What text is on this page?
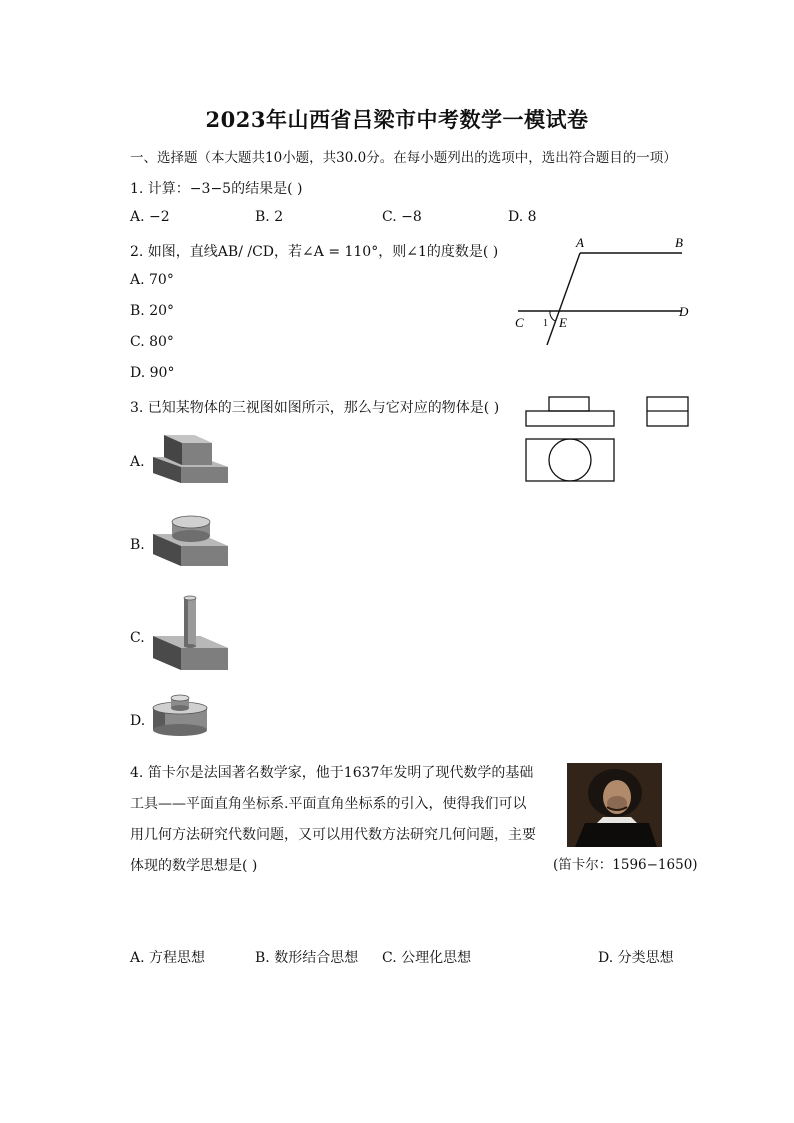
2023年山西省吕梁市中考数学一模试卷
一、选择题（本大题共10小题，共30.0分。在每小题列出的选项中，选出符合题目的一项）
1. 计算：−3−5的结果是( )
A. −2	B. 2	C. −8	D. 8
2. 如图，直线AB/ /CD，若∠A = 110°，则∠1的度数是( )
A. 70°
B. 20°
C. 80°
D. 90°
A	B
C
D
E
1
3. 已知某物体的三视图如图所示，那么与它对应的物体是( )
A.
B.
C.
D.
4. 笛卡尔是法国著名数学家，他于1637年发明了现代数学的基础
工具——平面直角坐标系.平面直角坐标系的引入，使得我们可以
用几何方法研究代数问题，又可以用代数方法研究几何问题，主要
体现的数学思想是( )	(笛卡尔：1596−1650)
A. 方程思想	B. 数形结合思想 C. 公理化思想	D. 分类思想
